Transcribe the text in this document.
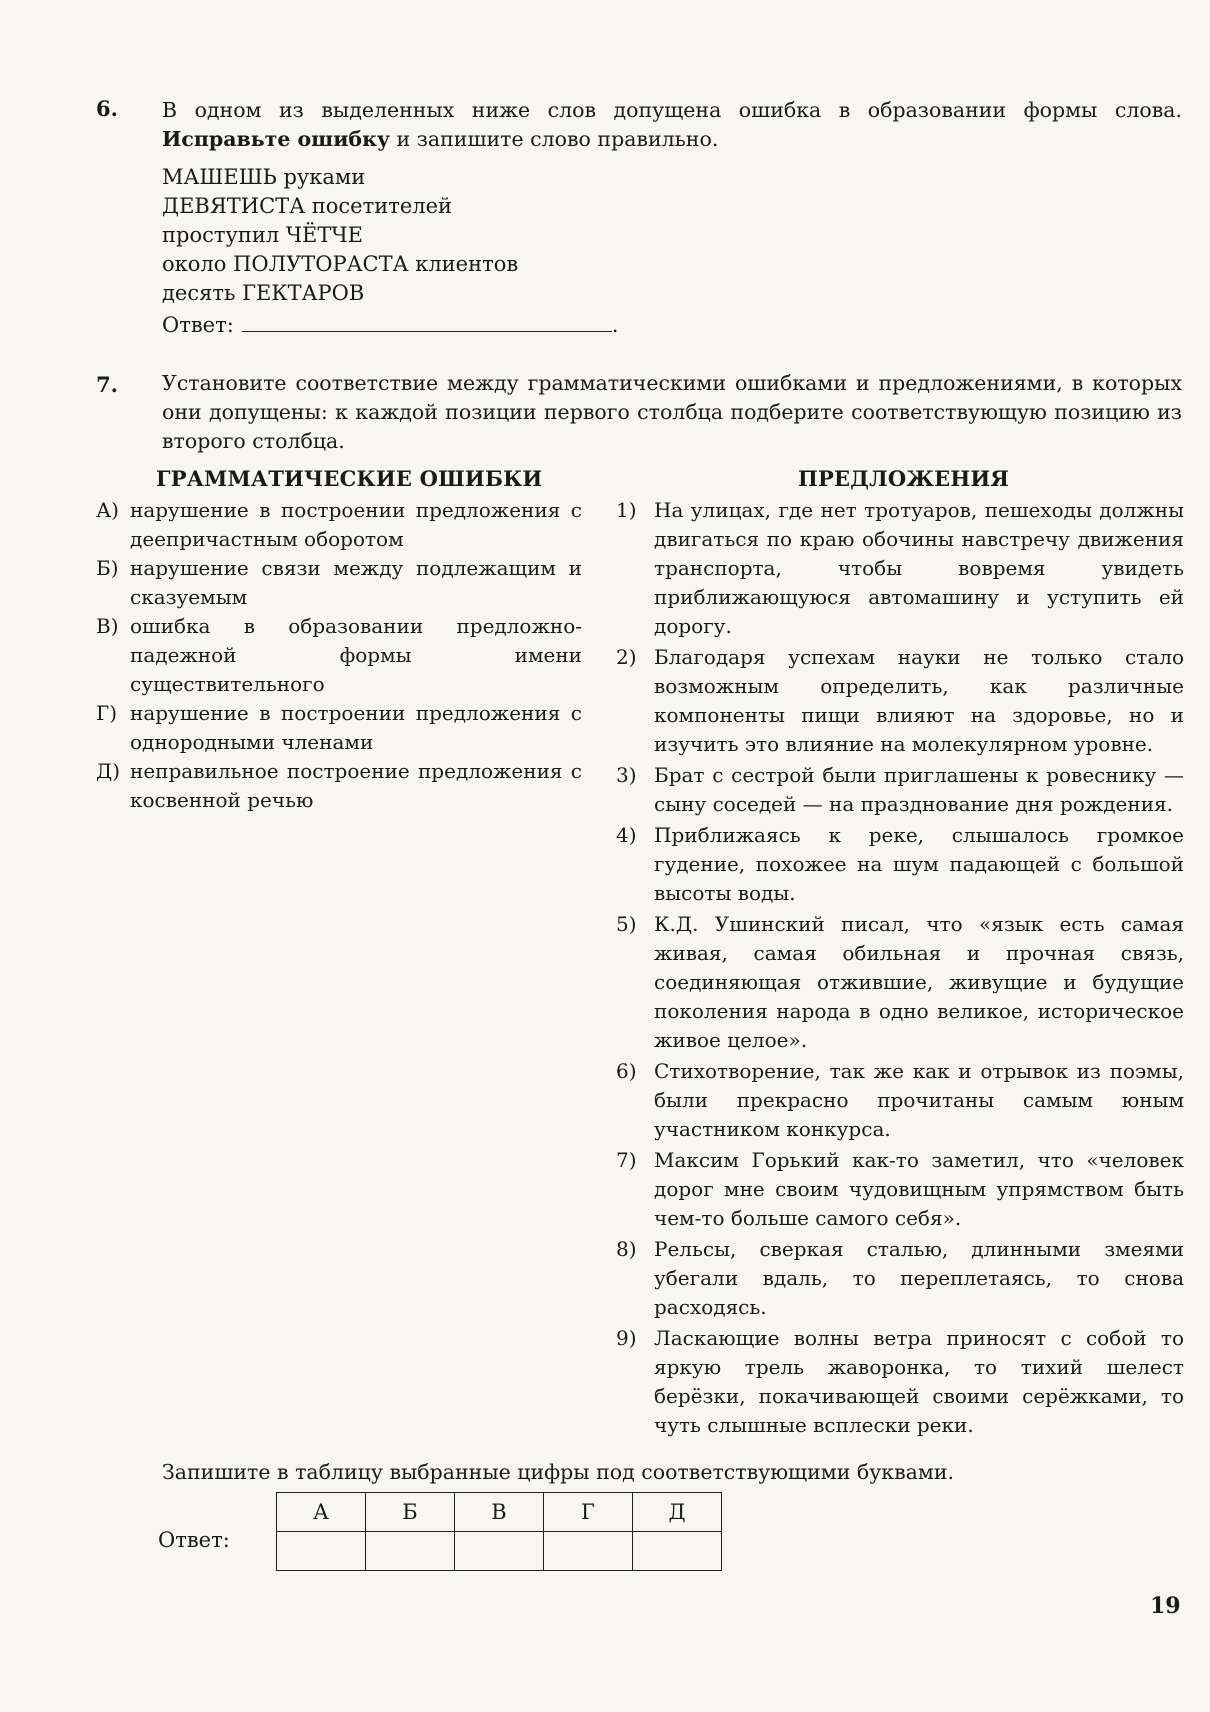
6. В одном из выделенных ниже слов допущена ошибка в образовании формы слова. Исправьте ошибку и запишите слово правильно.
МАШЕШЬ руками
ДЕВЯТИСТА посетителей
проступил ЧЁТЧЕ
около ПОЛУТОРАСТА клиентов
десять ГЕКТАРОВ
Ответ:	.
7. Установите соответствие между грамматическими ошибками и предложениями, в которых они допущены: к каждой позиции первого столбца подберите соответствующую позицию из второго столбца.
ГРАММАТИЧЕСКИЕ ОШИБКИ	ПРЕДЛОЖЕНИЯ
А) нарушение в построении предложения с деепричастным оборотом
Б) нарушение связи между подлежащим и сказуемым
В) ошибка в образовании предложно-падежной формы имени существительного
Г) нарушение в построении предложения с однородными членами
Д) неправильное построение предложения с косвенной речью
1) На улицах, где нет тротуаров, пешеходы должны двигаться по краю обочины навстречу движения транспорта, чтобы вовремя увидеть приближающуюся автомашину и уступить ей дорогу.
2) Благодаря успехам науки не только стало возможным определить, как различные компоненты пищи влияют на здоровье, но и изучить это влияние на молекулярном уровне.
3) Брат с сестрой были приглашены к ровеснику — сыну соседей — на празднование дня рождения.
4) Приближаясь к реке, слышалось громкое гудение, похожее на шум падающей с большой высоты воды.
5) К.Д. Ушинский писал, что «язык есть самая живая, самая обильная и прочная связь, соединяющая отжившие, живущие и будущие поколения народа в одно великое, историческое живое целое».
6) Стихотворение, так же как и отрывок из поэмы, были прекрасно прочитаны самым юным участником конкурса.
7) Максим Горький как-то заметил, что «человек дорог мне своим чудовищным упрямством быть чем-то больше самого себя».
8) Рельсы, сверкая сталью, длинными змеями убегали вдаль, то переплетаясь, то снова расходясь.
9) Ласкающие волны ветра приносят с собой то яркую трель жаворонка, то тихий шелест берёзки, покачивающей своими серёжками, то чуть слышные всплески реки.
Запишите в таблицу выбранные цифры под соответствующими буквами.
Ответ:
А	Б	В	Г	Д

19
